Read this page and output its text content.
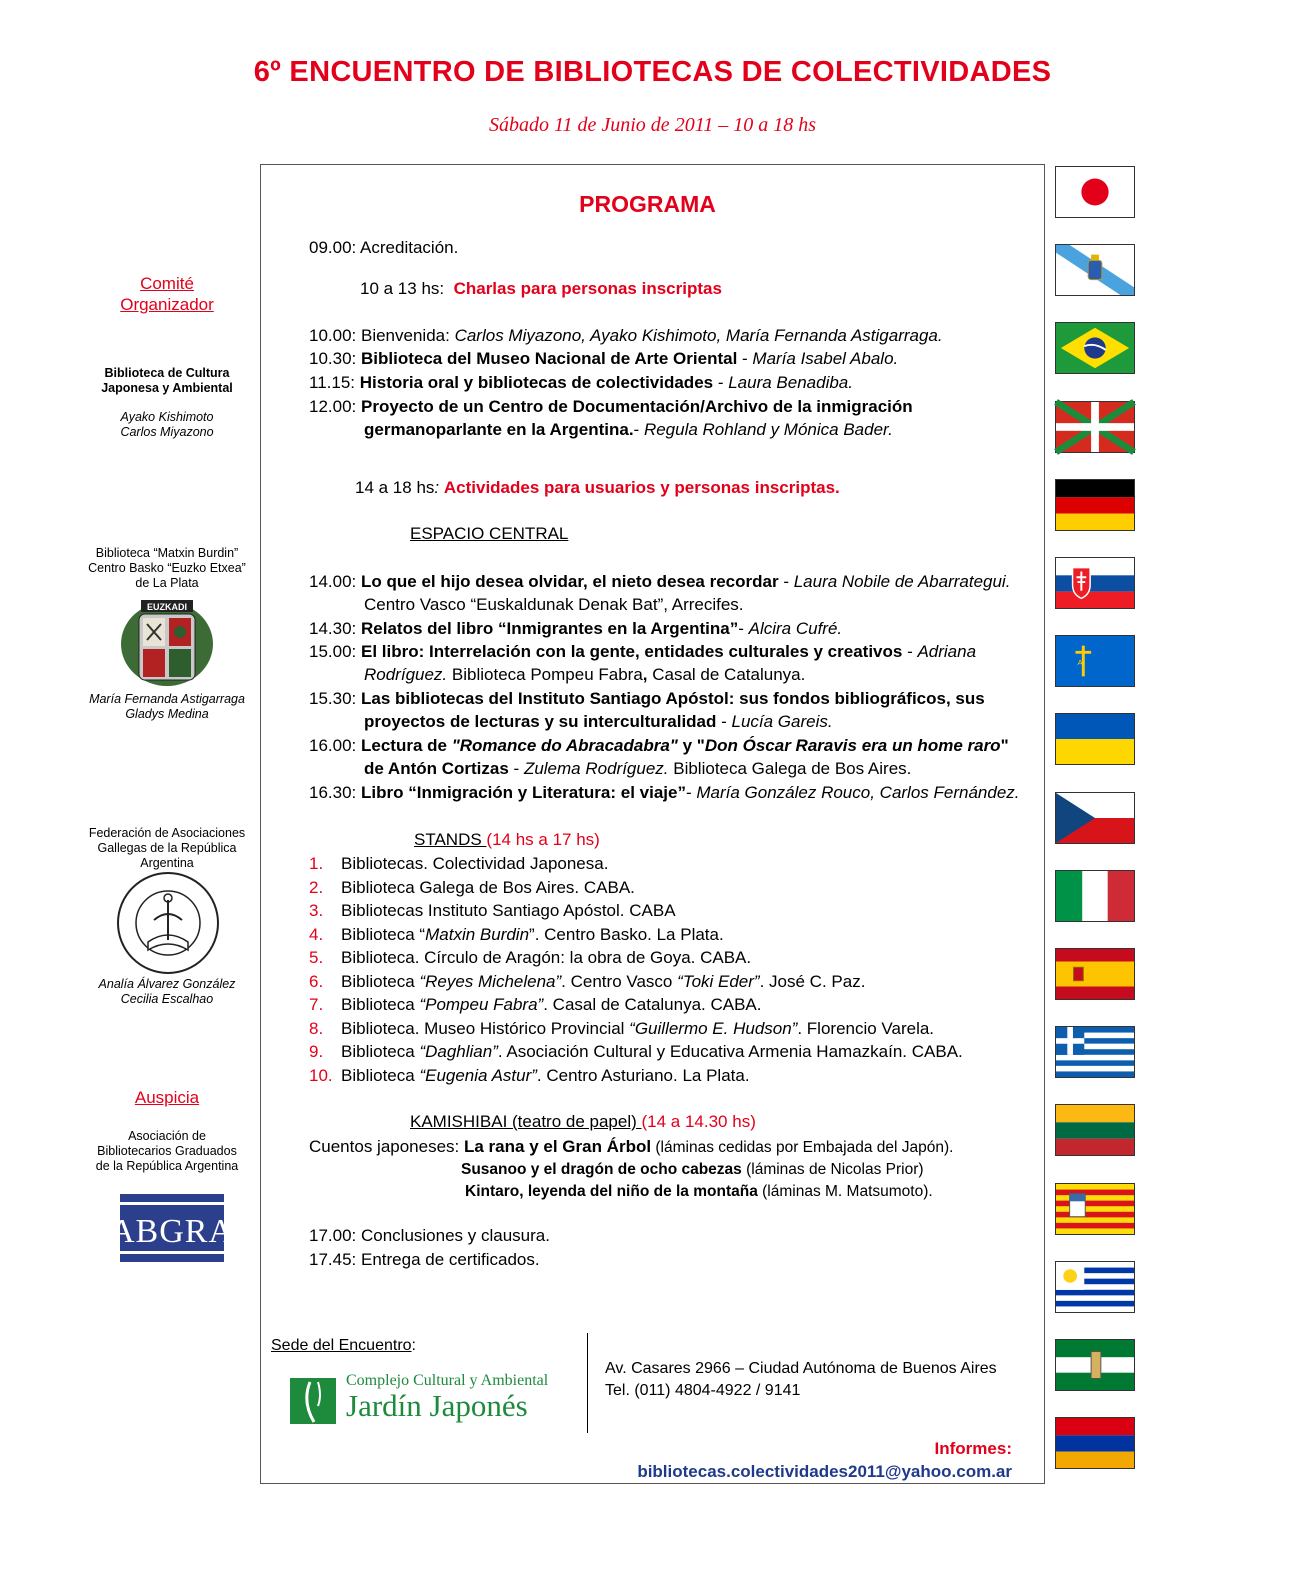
6º ENCUENTRO DE BIBLIOTECAS DE COLECTIVIDADES
Sábado 11 de Junio de 2011 – 10 a 18 hs
Comité
Organizador
Biblioteca de Cultura
Japonesa y Ambiental
Ayako Kishimoto
Carlos Miyazono
Biblioteca “Matxin Burdin”
Centro Basko “Euzko Etxea”
de La Plata
EUZKADI
María Fernanda Astigarraga
Gladys Medina
Federación de Asociaciones
Gallegas de la República
Argentina
Analía Álvarez González
Cecilia Escalhao
Auspicia
Asociación de
Bibliotecarios Graduados
de la República Argentina
ABGRA
PROGRAMA
09.00: Acreditación.
10 a 13 hs: Charlas para personas inscriptas
10.00: Bienvenida: Carlos Miyazono, Ayako Kishimoto, María Fernanda Astigarraga.
10.30: Biblioteca del Museo Nacional de Arte Oriental - María Isabel Abalo.
11.15: Historia oral y bibliotecas de colectividades - Laura Benadiba.
12.00: Proyecto de un Centro de Documentación/Archivo de la inmigración
germanoparlante en la Argentina.- Regula Rohland y Mónica Bader.
14 a 18 hs: Actividades para usuarios y personas inscriptas.
ESPACIO CENTRAL
14.00: Lo que el hijo desea olvidar, el nieto desea recordar - Laura Nobile de Abarrategui.
Centro Vasco “Euskaldunak Denak Bat”, Arrecifes.
14.30: Relatos del libro “Inmigrantes en la Argentina”- Alcira Cufré.
15.00: El libro: Interrelación con la gente, entidades culturales y creativos - Adriana
Rodríguez. Biblioteca Pompeu Fabra, Casal de Catalunya.
15.30: Las bibliotecas del Instituto Santiago Apóstol: sus fondos bibliográficos, sus
proyectos de lecturas y su interculturalidad - Lucía Gareis.
16.00: Lectura de "Romance do Abracadabra" y "Don Óscar Raravis era un home raro"
de Antón Cortizas - Zulema Rodríguez. Biblioteca Galega de Bos Aires.
16.30: Libro “Inmigración y Literatura: el viaje”- María González Rouco, Carlos Fernández.
STANDS (14 hs a 17 hs)
1. Bibliotecas. Colectividad Japonesa.
2. Biblioteca Galega de Bos Aires. CABA.
3. Bibliotecas Instituto Santiago Apóstol. CABA
4. Biblioteca “Matxin Burdin”. Centro Basko. La Plata.
5. Biblioteca. Círculo de Aragón: la obra de Goya. CABA.
6. Biblioteca “Reyes Michelena”. Centro Vasco “Toki Eder”. José C. Paz.
7. Biblioteca “Pompeu Fabra”. Casal de Catalunya. CABA.
8. Biblioteca. Museo Histórico Provincial “Guillermo E. Hudson”. Florencio Varela.
9. Biblioteca “Daghlian”. Asociación Cultural y Educativa Armenia Hamazkaín. CABA.
10. Biblioteca “Eugenia Astur”. Centro Asturiano. La Plata.
KAMISHIBAI (teatro de papel) (14 a 14.30 hs)
Cuentos japoneses: La rana y el Gran Árbol (láminas cedidas por Embajada del Japón).
Susanoo y el dragón de ocho cabezas (láminas de Nicolas Prior)
Kintaro, leyenda del niño de la montaña (láminas M. Matsumoto).
17.00: Conclusiones y clausura.
17.45: Entrega de certificados.
Sede del Encuentro:
Complejo Cultural y Ambiental
Jardín Japonés
Av. Casares 2966 – Ciudad Autónoma de Buenos Aires
Tel. (011) 4804-4922 / 9141
Informes:
bibliotecas.colectividades2011@yahoo.com.ar
A
